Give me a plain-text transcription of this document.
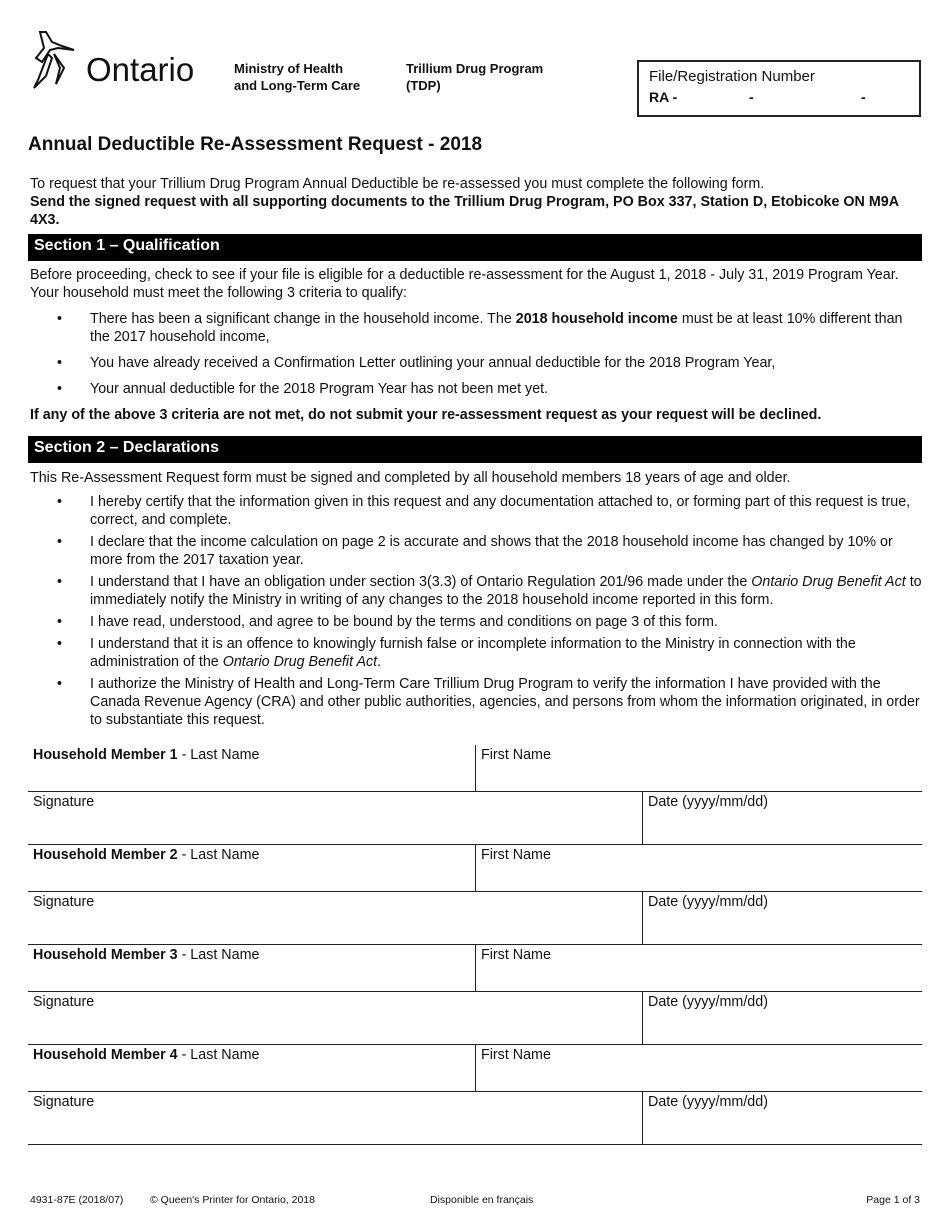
Ontario	Ministry of Health
and Long-Term Care
Trillium Drug Program
(TDP)
File/Registration Number
RA -	-	-
Annual Deductible Re-Assessment Request - 2018
To request that your Trillium Drug Program Annual Deductible be re-assessed you must complete the following form.
Send the signed request with all supporting documents to the Trillium Drug Program, PO Box 337, Station D, Etobicoke ON M9A 4X3.
Section 1 – Qualification
Before proceeding, check to see if your file is eligible for a deductible re-assessment for the August 1, 2018 - July 31, 2019 Program Year. Your household must meet the following 3 criteria to qualify:
• There has been a significant change in the household income. The 2018 household income must be at least 10% different than the 2017 household income,
• You have already received a Confirmation Letter outlining your annual deductible for the 2018 Program Year,
• Your annual deductible for the 2018 Program Year has not been met yet.
If any of the above 3 criteria are not met, do not submit your re-assessment request as your request will be declined.
Section 2 – Declarations
This Re-Assessment Request form must be signed and completed by all household members 18 years of age and older.
• I hereby certify that the information given in this request and any documentation attached to, or forming part of this request is true, correct, and complete.
• I declare that the income calculation on page 2 is accurate and shows that the 2018 household income has changed by 10% or more from the 2017 taxation year.
• I understand that I have an obligation under section 3(3.3) of Ontario Regulation 201/96 made under the Ontario Drug Benefit Act to immediately notify the Ministry in writing of any changes to the 2018 household income reported in this form.
• I have read, understood, and agree to be bound by the terms and conditions on page 3 of this form.
• I understand that it is an offence to knowingly furnish false or incomplete information to the Ministry in connection with the administration of the Ontario Drug Benefit Act.
• I authorize the Ministry of Health and Long-Term Care Trillium Drug Program to verify the information I have provided with the Canada Revenue Agency (CRA) and other public authorities, agencies, and persons from whom the information originated, in order to substantiate this request.
Household Member 1 - Last Name	First Name
Signature	Date (yyyy/mm/dd)
Household Member 2 - Last Name	First Name
Signature	Date (yyyy/mm/dd)
Household Member 3 - Last Name	First Name
Signature	Date (yyyy/mm/dd)
Household Member 4 - Last Name	First Name
Signature	Date (yyyy/mm/dd)
4931-87E (2018/07)	© Queen's Printer for Ontario, 2018	Disponible en français	Page 1 of 3
